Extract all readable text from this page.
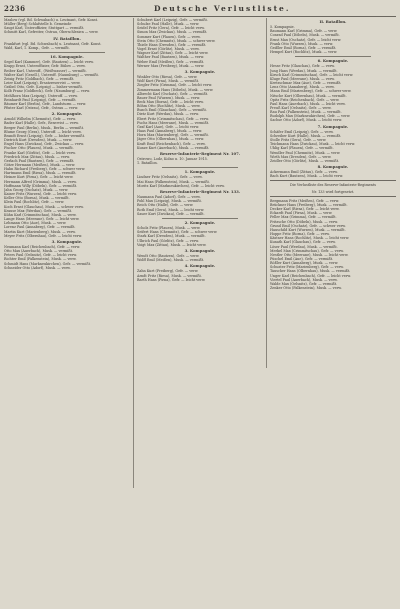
2236	Deutsche Verlustliste.
Maslow (vgl. Bd. Schwabach) u. Leutnant, Gefr. Konst.
Müller (Berg) Schlafstelle b. Gemeinde
Saupt Karl, Unteroffizier, Stuttgart — vermißt.
Schmitt Karl, Gefreiter, Ostrau, Oberschlesien — verw.
IV. Bataillon.
Frankfurt (vgl. Bd. Schwabach) u. Leutnant, Gefr. Konst.
Wald, Karl, 1. Komp., Gefr. — vermißt.
16. Kompagnie.
Segel Karl (Kammer), Gefr. (Bautzen) — leicht verw.
Krapp Ernst, Unteroffizier, Gefr. Bülow — verw.
Reiber Karl, Unteroff., (Weißwasser) — vermißt.
Walter Karl (Gesell.), Unteroff. (Naumburg) — vermißt.
Zeisig Fritz (Goldbach), Gefr. — vermißt.
Leier Karl (Leipzig), Ersatzreservist — verw.
Gräbel Otto, Gefr. (Leipzig) — bisher vermißt.
Kolb Franz (Goldbeck), Gefr. (Naumburg) — verw.
Mehlhorn Max (Leipzig), Unteroff. — verw.
Reinhardt Paul (Leipzig), Gefr. — vermißt.
Bäumer Karl (Berlin), Gefr., Landsturm — verw.
Pfister Karl (Ostrau), Gefr., Ostrau — verw.
2. Kompagnie.
Arnold Wilhelm (Chemnitz), Gefr. — verw.
Bader Karl (Halle), Gefr., Reservist — verw.
Berger Paul (Berlin), Musk., Berlin — vermißt.
Blume Georg (Gera), Unteroff. — leicht verw.
Brandt Ernst (Leipzig), Gefr. — bisher vermißt.
Dietrich Kurt (Dresden), Musk. — verw.
Engel Hans (Zwickau), Gefr., Zwickau — verw.
Fischer Otto (Plauen), Musk. — vermißt.
Franke Karl (Görlitz), Gefr. — leicht verw.
Friedrich Max (Zittau), Musk. — verw.
Gerlach Paul (Bautzen), Gefr. — vermißt.
Götze Hermann (Meißen), Musk. — verw.
Hahn Richard (Freiberg), Gefr. — schwer verw.
Hartmann Emil (Riesa), Musk. — vermißt.
Heinze Kurt (Pirna), Gefr. — leicht verw.
Hermann Alfred (Grimma), Musk. — verw.
Hoffmann Willy (Döbeln), Gefr. — vermißt.
Jahn Georg (Oschatz), Musk. — verw.
Kaiser Fritz (Wurzen), Gefr. — leicht verw.
Keller Otto (Borna), Musk. — vermißt.
Klein Paul (Rochlitz), Gefr. — verw.
Koch Ernst (Glauchau), Musk. — schwer verw.
Krause Max (Werdau), Gefr. — vermißt.
Kühn Karl (Crimmitschau), Musk. — verw.
Lange Hans (Meerane), Gefr. — leicht verw.
Lehmann Otto (Aue), Musk. — verw.
Lorenz Paul (Annaberg), Gefr. — vermißt.
Martin Kurt (Marienberg), Musk. — verw.
Meyer Fritz (Olbernhau), Gefr. — leicht verw.
3. Kompagnie.
Neumann Karl (Reichenbach), Gefr. — verw.
Otto Max (Auerbach), Musk. — vermißt.
Peters Paul (Oelsnitz), Gefr. — leicht verw.
Richter Emil (Falkenstein), Musk. — verw.
Schmidt Hans (Markneukirchen), Gefr. — vermißt.
Schneider Otto (Adorf), Musk. — verw.
Schubert Karl (Leipzig), Gefr. — vermißt.
Schulze Paul (Halle), Musk. — verw.
Seidel Fritz (Gera), Gefr. — leicht verw.
Simon Max (Zwickau), Musk. — vermißt.
Sommer Kurt (Plauen), Gefr. — verw.
Stein Otto (Chemnitz), Musk. — schwer verw.
Thiele Hans (Dresden), Gefr. — vermißt.
Vogel Ernst (Görlitz), Musk. — verw.
Wagner Karl (Zittau), Gefr. — leicht verw.
Walther Paul (Bautzen), Musk. — verw.
Weber Emil (Meißen), Gefr. — vermißt.
Werner Max (Freiberg), Musk. — verw.
3. Kompagnie.
Winkler Otto (Riesa), Gefr. — verw.
Wolf Kurt (Pirna), Musk. — vermißt.
Ziegler Fritz (Grimma), Gefr. — leicht verw.
Zimmermann Hans (Döbeln), Musk. — verw.
Albrecht Karl (Oschatz), Gefr. — vermißt.
Bauer Paul (Wurzen), Musk. — verw.
Beck Max (Borna), Gefr. — leicht verw.
Böhm Otto (Rochlitz), Musk. — verw.
Busch Emil (Glauchau), Gefr. — vermißt.
Dietz Kurt (Werdau), Musk. — verw.
Ebert Fritz (Crimmitschau), Gefr. — verw.
Fuchs Hans (Meerane), Musk. — vermißt.
Graf Karl (Aue), Gefr. — leicht verw.
Haas Paul (Annaberg), Musk. — verw.
Horn Max (Marienberg), Gefr. — vermißt.
Jäger Otto (Olbernhau), Musk. — verw.
Kraft Emil (Reichenbach), Gefr. — verw.
Kunze Kurt (Auerbach), Musk. — vermißt.
Reserve-Infanterie-Regiment Nr. 107.
Ostrowo, Lodz, Kolno u. 10. Januar 1915.
1. Bataillon.
1. Kompagnie.
Lindner Fritz (Oelsnitz), Gefr. — verw.
Mai Hans (Falkenstein), Musk. — vermißt.
Moritz Karl (Markneukirchen), Gefr. — leicht verw.
Reserve-Infanterie-Regiment Nr. 133.
Naumann Paul (Adorf), Gefr. — verw.
Pohl Max (Leipzig), Musk. — vermißt.
Reich Otto (Halle), Gefr. — verw.
Roth Emil (Gera), Musk. — leicht verw.
Sauer Kurt (Zwickau), Gefr. — vermißt.
2. Kompagnie.
Scholz Fritz (Plauen), Musk. — verw.
Seifert Hans (Chemnitz), Gefr. — schwer verw.
Stark Karl (Dresden), Musk. — vermißt.
Ulbrich Paul (Görlitz), Gefr. — verw.
Voigt Max (Zittau), Musk. — leicht verw.
3. Kompagnie.
Wendt Otto (Bautzen), Gefr. — verw.
Wolff Emil (Meißen), Musk. — vermißt.
4. Kompagnie.
Zahn Kurt (Freiberg), Gefr. — verw.
Arndt Fritz (Riesa), Musk. — vermißt.
Barth Hans (Pirna), Gefr. — leicht verw.
II. Bataillon.
5. Kompagnie.
Baumann Karl (Grimma), Gefr. — verw.
Conrad Paul (Döbeln), Musk. — vermißt.
Ernst Max (Oschatz), Gefr. — leicht verw.
Frank Otto (Wurzen), Musk. — verw.
Geißler Emil (Borna), Gefr. — vermißt.
Hempel Kurt (Rochlitz), Musk. — verw.
6. Kompagnie.
Hesse Fritz (Glauchau), Gefr. — verw.
Jung Hans (Werdau), Musk. — vermißt.
Kirsch Karl (Crimmitschau), Gefr. — leicht verw.
Kluge Paul (Meerane), Musk. — verw.
Kretzschmar Max (Aue), Gefr. — vermißt.
Lenz Otto (Annaberg), Musk. — verw.
Mann Emil (Marienberg), Gefr. — schwer verw.
Nitsche Kurt (Olbernhau), Musk. — vermißt.
Opitz Fritz (Reichenbach), Gefr. — verw.
Paul Hans (Auerbach), Musk. — leicht verw.
Preuß Karl (Oelsnitz), Gefr. — verw.
Rau Paul (Falkenstein), Musk. — vermißt.
Rudolph Max (Markneukirchen), Gefr. — verw.
Sachse Otto (Adorf), Musk. — leicht verw.
7. Kompagnie.
Schäfer Emil (Leipzig), Gefr. — verw.
Schreiber Kurt (Halle), Musk. — vermißt.
Stolle Fritz (Gera), Gefr. — verw.
Teichmann Hans (Zwickau), Musk. — leicht verw.
Uhlig Karl (Plauen), Gefr. — vermißt.
Wendler Paul (Chemnitz), Musk. — verw.
Wirth Max (Dresden), Gefr. — verw.
Zeidler Otto (Görlitz), Musk. — vermißt.
8. Kompagnie.
Ackermann Emil (Zittau), Gefr. — verw.
Bach Kurt (Bautzen), Musk. — leicht verw.
Die Verlustliste des Reserve-Infanterie-Regiments
Nr. 133 wird fortgesetzt.
Bergmann Fritz (Meißen), Gefr. — verw.
Brückner Hans (Freiberg), Musk. — vermißt.
Decker Karl (Riesa), Gefr. — leicht verw.
Eckardt Paul (Pirna), Musk. — verw.
Feller Max (Grimma), Gefr. — vermißt.
Fritzsche Otto (Döbeln), Musk. — verw.
Grund Emil (Oschatz), Gefr. — schwer verw.
Hauschild Kurt (Wurzen), Musk. — vermißt.
Hoppe Fritz (Borna), Gefr. — verw.
Kästner Hans (Rochlitz), Musk. — leicht verw.
Kunath Karl (Glauchau), Gefr. — verw.
Löser Paul (Werdau), Musk. — vermißt.
Merkel Max (Crimmitschau), Gefr. — verw.
Nestler Otto (Meerane), Musk. — leicht verw.
Püschel Emil (Aue), Gefr. — vermißt.
Rößler Kurt (Annaberg), Musk. — verw.
Schuster Fritz (Marienberg), Gefr. — verw.
Tauscher Hans (Olbernhau), Musk. — vermißt.
Unger Karl (Reichenbach), Gefr. — leicht verw.
Viertel Paul (Auerbach), Musk. — verw.
Walde Max (Oelsnitz), Gefr. — vermißt.
Zenker Otto (Falkenstein), Musk. — verw.
